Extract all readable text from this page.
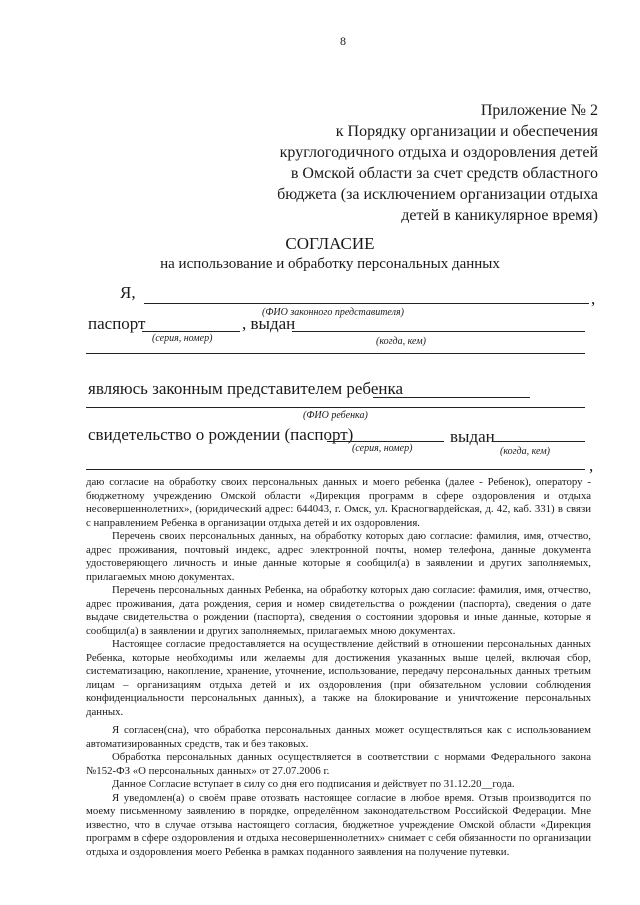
8
Приложение № 2
к Порядку организации и обеспечения
круглогодичного отдыха и оздоровления детей
в Омской области за счет средств областного
бюджета (за исключением организации отдыха
детей в каникулярное время)
СОГЛАСИЕ
на использование и обработку персональных данных
Я,	,
(ФИО законного представителя)
паспорт	, выдан
(серия, номер)	(когда, кем)
являюсь законным представителем ребенка
(ФИО ребенка)
свидетельство о рождении (паспорт)	выдан
(серия, номер)	(когда, кем)
,

даю согласие на обработку своих персональных данных и моего ребенка (далее - Ребенок), оператору - бюджетному учреждению Омской области «Дирекция программ в сфере оздоровления и отдыха несовершеннолетних», (юридический адрес: 644043, г. Омск, ул. Красногвардейская, д. 42, каб. 331) в связи с направлением Ребенка в организации отдыха детей и их оздоровления.

Перечень своих персональных данных, на обработку которых даю согласие: фамилия, имя, отчество, адрес проживания, почтовый индекс, адрес электронной почты, номер телефона, данные документа удостоверяющего личность и иные данные которые я сообщил(а) в заявлении и других заполняемых, прилагаемых мною документах.

Перечень персональных данных Ребенка, на обработку которых даю согласие: фамилия, имя, отчество, адрес проживания, дата рождения, серия и номер свидетельства о рождении (паспорта), сведения о дате выдаче свидетельства о рождении (паспорта), сведения о состоянии здоровья и иные данные, которые я сообщил(а) в заявлении и других заполняемых, прилагаемых мною документах.

Настоящее согласие предоставляется на осуществление действий в отношении персональных данных Ребенка, которые необходимы или желаемы для достижения указанных выше целей, включая сбор, систематизацию, накопление, хранение, уточнение, использование, передачу персональных данных третьим лицам – организациям отдыха детей и их оздоровления (при обязательном условии соблюдения конфиденциальности персональных данных), а также на блокирование и уничтожение персональных данных.

Я согласен(сна), что обработка персональных данных может осуществляться как с использованием автоматизированных средств, так и без таковых.

Обработка персональных данных осуществляется в соответствии с нормами Федерального закона №152-ФЗ «О персональных данных» от 27.07.2006 г.

Данное Согласие вступает в силу со дня его подписания и действует по 31.12.20__года.

Я уведомлен(а) о своём праве отозвать настоящее согласие в любое время. Отзыв производится по моему письменному заявлению в порядке, определённом законодательством Российской Федерации. Мне известно, что в случае отзыва настоящего согласия, бюджетное учреждение Омской области «Дирекция программ в сфере оздоровления и отдыха несовершеннолетних» снимает с себя обязанности по организации отдыха и оздоровления моего Ребенка в рамках поданного заявления на получение путевки.
